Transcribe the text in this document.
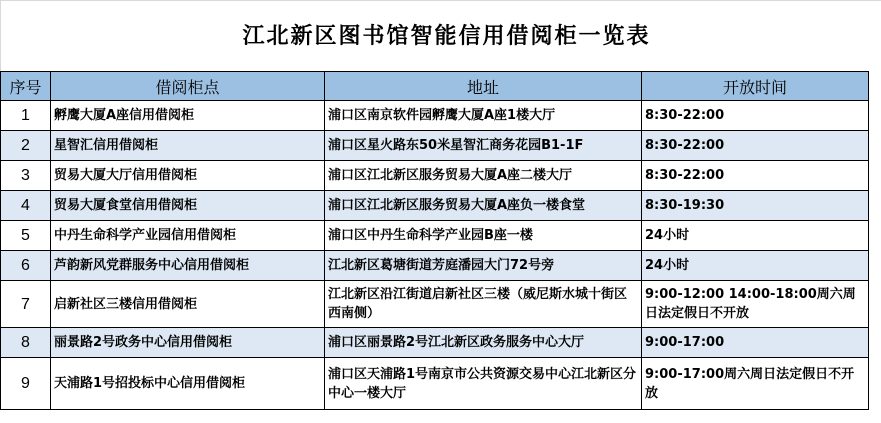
江北新区图书馆智能信用借阅柜一览表
序号	借阅柜点	地址	开放时间
1	孵鹰大厦A座信用借阅柜	浦口区南京软件园孵鹰大厦A座1楼大厅	8:30-22:00
2	星智汇信用借阅柜	浦口区星火路东50米星智汇商务花园B1-1F	8:30-22:00
3	贸易大厦大厅信用借阅柜	浦口区江北新区服务贸易大厦A座二楼大厅	8:30-22:00
4	贸易大厦食堂信用借阅柜	浦口区江北新区服务贸易大厦A座负一楼食堂	8:30-19:30
5	中丹生命科学产业园信用借阅柜	浦口区中丹生命科学产业园B座一楼	24小时
6	芦韵新风党群服务中心信用借阅柜	江北新区葛塘街道芳庭潘园大门72号旁	24小时
7	启新社区三楼信用借阅柜	江北新区沿江街道启新社区三楼（威尼斯水城十街区西南侧）	9:00-12:00 14:00-18:00周六周日法定假日不开放
8	丽景路2号政务中心信用借阅柜	浦口区丽景路2号江北新区政务服务中心大厅	9:00-17:00
9	天浦路1号招投标中心信用借阅柜	浦口区天浦路1号南京市公共资源交易中心江北新区分中心一楼大厅	9:00-17:00周六周日法定假日不开放
